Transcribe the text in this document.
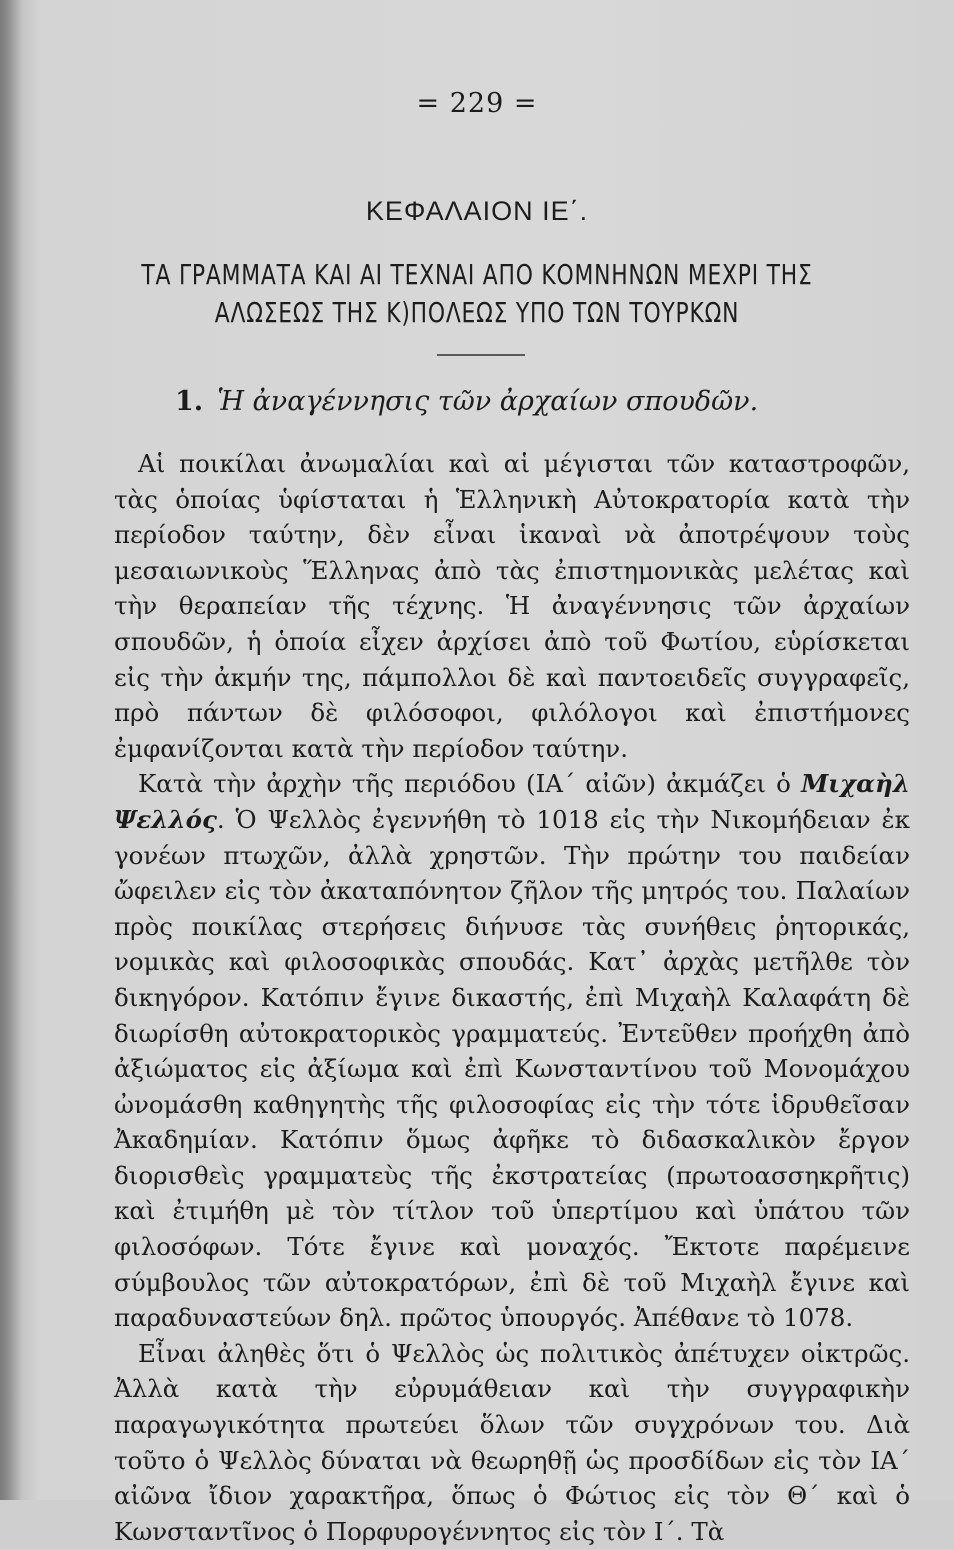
= 229 =
ΚΕΦΑΛΑΙΟΝ ΙΕ΄.
ΤΑ ΓΡΑΜΜΑΤΑ ΚΑΙ ΑΙ ΤΕΧΝΑΙ ΑΠΟ ΚΟΜΝΗΝΩΝ ΜΕΧΡΙ ΤΗΣ
ΑΛΩΣΕΩΣ ΤΗΣ Κ)ΠΟΛΕΩΣ ΥΠΟ ΤΩΝ ΤΟΥΡΚΩΝ
1. Ἡ ἀναγέννησις τῶν ἀρχαίων σπουδῶν.

Αἱ ποικίλαι ἀνωμαλίαι καὶ αἱ μέγισται τῶν καταστροφῶν, τὰς ὁποίας ὑφίσταται ἡ Ἑλληνικὴ Αὐτοκρατορία κατὰ τὴν περίοδον ταύτην, δὲν εἶναι ἱκαναὶ νὰ ἀποτρέψουν τοὺς μεσαιωνικοὺς Ἕλληνας ἀπὸ τὰς ἐπιστημονικὰς μελέτας καὶ τὴν θεραπείαν τῆς τέχνης. Ἡ ἀναγέννησις τῶν ἀρχαίων σπουδῶν, ἡ ὁποία εἶχεν ἀρχίσει ἀπὸ τοῦ Φωτίου, εὑρίσκεται εἰς τὴν ἀκμήν της, πάμπολλοι δὲ καὶ παντοειδεῖς συγγραφεῖς, πρὸ πάντων δὲ φιλόσοφοι, φιλόλογοι καὶ ἐπιστήμονες ἐμφανίζονται κατὰ τὴν περίοδον ταύτην.

Κατὰ τὴν ἀρχὴν τῆς περιόδου (ΙΑ΄ αἰῶν) ἀκμάζει ὁ Μιχαὴλ Ψελλός. Ὁ Ψελλὸς ἐγεννήθη τὸ 1018 εἰς τὴν Νικομήδειαν ἐκ γονέων πτωχῶν, ἀλλὰ χρηστῶν. Τὴν πρώτην του παιδείαν ὤφειλεν εἰς τὸν ἀκαταπόνητον ζῆλον τῆς μητρός του. Παλαίων πρὸς ποικίλας στερήσεις διήνυσε τὰς συνήθεις ῥητορικάς, νομικὰς καὶ φιλοσοφικὰς σπουδάς. Κατ᾽ ἀρχὰς μετῆλθε τὸν δικηγόρον. Κατόπιν ἔγινε δικαστής, ἐπὶ Μιχαὴλ Καλαφάτη δὲ διωρίσθη αὐτοκρατορικὸς γραμματεύς. Ἐντεῦθεν προήχθη ἀπὸ ἀξιώματος εἰς ἀξίωμα καὶ ἐπὶ Κωνσταντίνου τοῦ Μονομάχου ὠνομάσθη καθηγητὴς τῆς φιλοσοφίας εἰς τὴν τότε ἱδρυθεῖσαν Ἀκαδημίαν. Κατόπιν ὅμως ἀφῆκε τὸ διδασκαλικὸν ἔργον διορισθεὶς γραμματεὺς τῆς ἐκστρατείας (πρωτοασσηκρῆτις) καὶ ἐτιμήθη μὲ τὸν τίτλον τοῦ ὑπερτίμου καὶ ὑπάτου τῶν φιλοσόφων. Τότε ἔγινε καὶ μοναχός. Ἔκτοτε παρέμεινε σύμβουλος τῶν αὐτοκρατόρων, ἐπὶ δὲ τοῦ Μιχαὴλ ἔγινε καὶ παραδυναστεύων δηλ. πρῶτος ὑπουργός. Ἀπέθανε τὸ 1078.

Εἶναι ἀληθὲς ὅτι ὁ Ψελλὸς ὡς πολιτικὸς ἀπέτυχεν οἰκτρῶς. Ἀλλὰ κατὰ τὴν εὐρυμάθειαν καὶ τὴν συγγραφικὴν παραγωγικότητα πρωτεύει ὅλων τῶν συγχρόνων του. Διὰ τοῦτο ὁ Ψελλὸς δύναται νὰ θεωρηθῇ ὡς προσδίδων εἰς τὸν ΙΑ΄ αἰῶνα ἴδιον χαρακτῆρα, ὅπως ὁ Φώτιος εἰς τὸν Θ΄ καὶ ὁ Κωνσταντῖνος ὁ Πορφυρογέννητος εἰς τὸν Ι΄. Τὰ
